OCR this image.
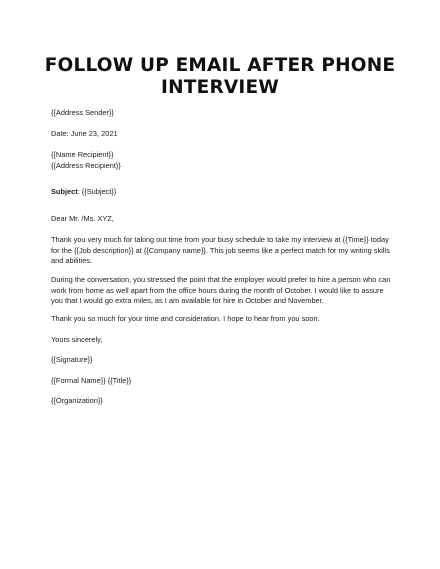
FOLLOW UP EMAIL AFTER PHONE
INTERVIEW
{{Address Sender}}
Date: June 23, 2021
{{Name Recipient}}
{{Address Recipient}}
Subject: {{Subject}}
Dear Mr. /Ms. XYZ,
Thank you very much for taking out time from your busy schedule to take my interview at {{Time}} today
for the {{Job description}} at {{Company name}}. This job seems like a perfect match for my writing skills
and abilities.
During the conversation, you stressed the point that the employer would prefer to hire a person who can
work from home as well apart from the office hours during the month of October. I would like to assure
you that I would go extra miles, as I am available for hire in October and November.
Thank you so much for your time and consideration. I hope to hear from you soon.
Yours sincerely,
{{Signature}}
{{Formal Name}} {{Title}}
{{Organization}}
